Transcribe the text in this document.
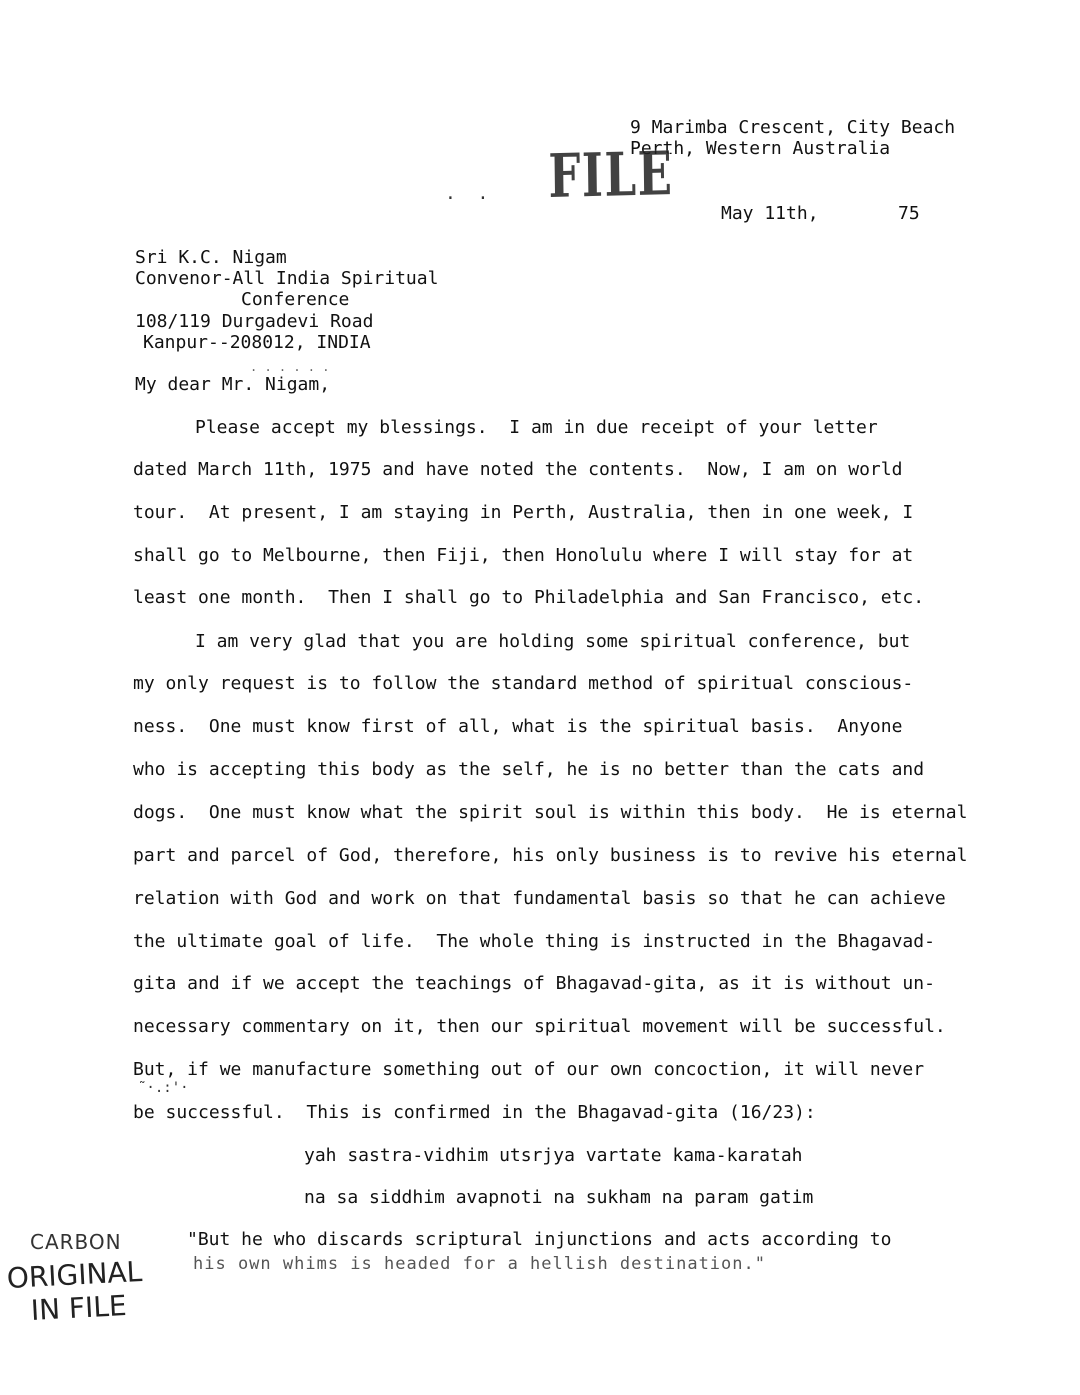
9 Marimba Crescent, City Beach
Perth, Western Australia
May 11th,	75
FILE
.  .
Sri K.C. Nigam
Convenor-All India Spiritual
Conference
108/119 Durgadevi Road
Kanpur--208012, INDIA
My dear Mr. Nigam,
. . . . . .
Please accept my blessings.  I am in due receipt of your letter
dated March 11th, 1975 and have noted the contents.  Now, I am on world
tour.  At present, I am staying in Perth, Australia, then in one week, I
shall go to Melbourne, then Fiji, then Honolulu where I will stay for at
least one month.  Then I shall go to Philadelphia and San Francisco, etc.
I am very glad that you are holding some spiritual conference, but
my only request is to follow the standard method of spiritual conscious-
ness.  One must know first of all, what is the spiritual basis.  Anyone
who is accepting this body as the self, he is no better than the cats and
dogs.  One must know what the spirit soul is within this body.  He is eternal
part and parcel of God, therefore, his only business is to revive his eternal
relation with God and work on that fundamental basis so that he can achieve
the ultimate goal of life.  The whole thing is instructed in the Bhagavad-
gita and if we accept the teachings of Bhagavad-gita, as it is without un-
necessary commentary on it, then our spiritual movement will be successful.
But, if we manufacture something out of our own concoction, it will never
˜·.:'·
be successful.  This is confirmed in the Bhagavad-gita (16/23):
yah sastra-vidhim utsrjya vartate kama-karatah
na sa siddhim avapnoti na sukham na param gatim
"But he who discards scriptural injunctions and acts according to
his own whims is headed for a hellish destination."
CARBON
ORIGINAL
IN FILE
